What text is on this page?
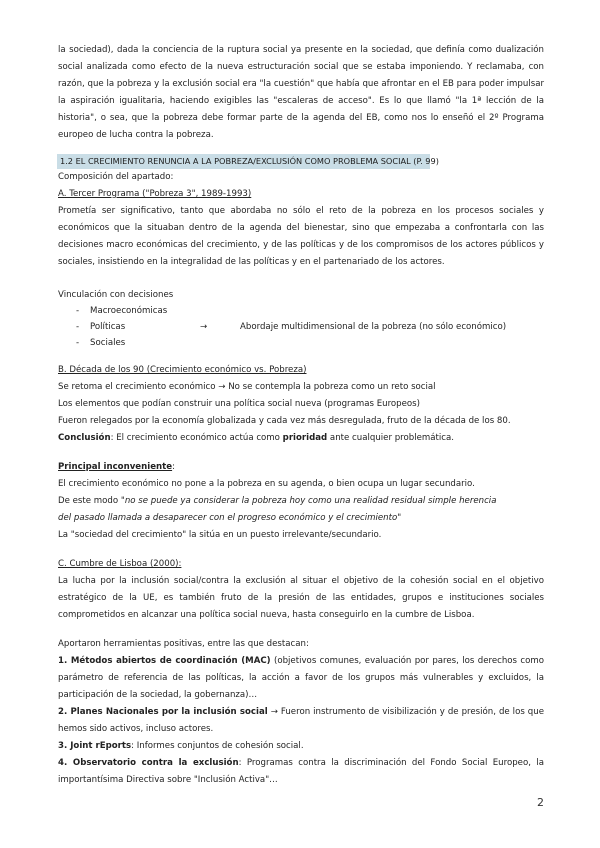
la sociedad), dada la conciencia de la ruptura social ya presente en la sociedad, que definía como dualización social analizada como efecto de la nueva estructuración social que se estaba imponiendo. Y reclamaba, con razón, que la pobreza y la exclusión social era "la cuestión" que había que afrontar en el EB para poder impulsar la aspiración igualitaria, haciendo exigibles las "escaleras de acceso". Es lo que llamó "la 1ª lección de la historia", o sea, que la pobreza debe formar parte de la agenda del EB, como nos lo enseñó el 2º Programa europeo de lucha contra la pobreza.

1.2 EL CRECIMIENTO RENUNCIA A LA POBREZA/EXCLUSIÓN COMO PROBLEMA SOCIAL (P. 99)
Composición del apartado:
A. Tercer Programa ("Pobreza 3", 1989-1993)

Prometía ser significativo, tanto que abordaba no sólo el reto de la pobreza en los procesos sociales y económicos que la situaban dentro de la agenda del bienestar, sino que empezaba a confrontarla con las decisiones macro económicas del crecimiento, y de las políticas y de los compromisos de los actores públicos y sociales, insistiendo en la integralidad de las políticas y en el partenariado de los actores.

Vinculación con decisiones
-    Macroeconómicas
-    Políticas	→	Abordaje multidimensional de la pobreza (no sólo económico)
-    Sociales
B. Década de los 90 (Crecimiento económico vs. Pobreza)
Se retoma el crecimiento económico → No se contempla la pobreza como un reto social
Los elementos que podían construir una política social nueva (programas Europeos)
Fueron relegados por la economía globalizada y cada vez más desregulada, fruto de la década de los 80.
Conclusión: El crecimiento económico actúa como prioridad ante cualquier problemática.
Principal inconveniente:
El crecimiento económico no pone a la pobreza en su agenda, o bien ocupa un lugar secundario.
De este modo "no se puede ya considerar la pobreza hoy como una realidad residual simple herencia
del pasado llamada a desaparecer con el progreso económico y el crecimiento"
La "sociedad del crecimiento" la sitúa en un puesto irrelevante/secundario.
C. Cumbre de Lisboa (2000):

La lucha por la inclusión social/contra la exclusión al situar el objetivo de la cohesión social en el objetivo estratégico de la UE, es también fruto de la presión de las entidades, grupos e instituciones sociales comprometidos en alcanzar una política social nueva, hasta conseguirlo en la cumbre de Lisboa.

Aportaron herramientas positivas, entre las que destacan:

1. Métodos abiertos de coordinación (MAC) (objetivos comunes, evaluación por pares, los derechos como parámetro de referencia de las políticas, la acción a favor de los grupos más vulnerables y excluidos, la participación de la sociedad, la gobernanza)…

2. Planes Nacionales por la inclusión social → Fueron instrumento de visibilización y de presión, de los que hemos sido activos, incluso actores.

3. Joint rEports: Informes conjuntos de cohesión social.

4. Observatorio contra la exclusión: Programas contra la discriminación del Fondo Social Europeo, la importantísima Directiva sobre "Inclusión Activa"…

2
